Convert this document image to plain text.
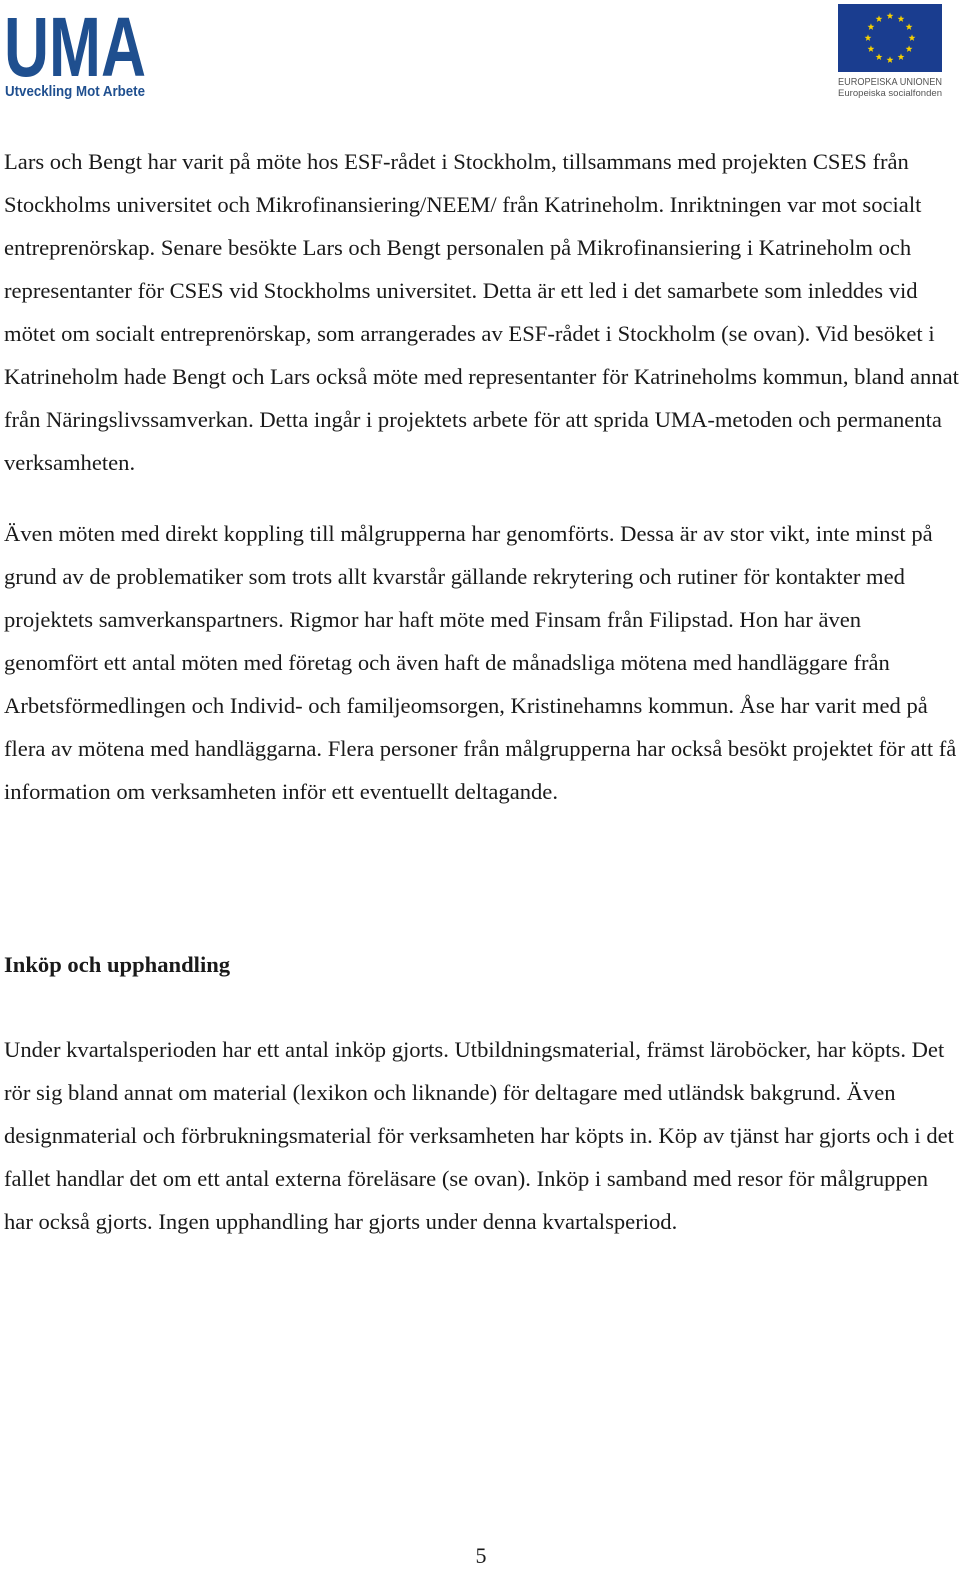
UMA
Utveckling Mot Arbete
EUROPEISKA UNIONEN
Europeiska socialfonden

Lars och Bengt har varit på möte hos ESF-rådet i Stockholm, tillsammans med projekten CSES från Stockholms universitet och Mikrofinansiering/NEEM/ från Katrineholm. Inriktningen var mot socialt entreprenörskap. Senare besökte Lars och Bengt personalen på Mikrofinansiering i Katrineholm och representanter för CSES vid Stockholms universitet. Detta är ett led i det samarbete som inleddes vid mötet om socialt entreprenörskap, som arrangerades av ESF-rådet i Stockholm (se ovan). Vid besöket i Katrineholm hade Bengt och Lars också möte med representanter för Katrineholms kommun, bland annat från Näringslivssamverkan. Detta ingår i projektets arbete för att sprida UMA-metoden och permanenta verksamheten.

Även möten med direkt koppling till målgrupperna har genomförts. Dessa är av stor vikt, inte minst på grund av de problematiker som trots allt kvarstår gällande rekrytering och rutiner för kontakter med projektets samverkanspartners. Rigmor har haft möte med Finsam från Filipstad. Hon har även genomfört ett antal möten med företag och även haft de månadsliga mötena med handläggare från Arbetsförmedlingen och Individ- och familjeomsorgen, Kristinehamns kommun. Åse har varit med på flera av mötena med handläggarna. Flera personer från målgrupperna har också besökt projektet för att få information om verksamheten inför ett eventuellt deltagande.

Inköp och upphandling

Under kvartalsperioden har ett antal inköp gjorts. Utbildningsmaterial, främst läroböcker, har köpts. Det rör sig bland annat om material (lexikon och liknande) för deltagare med utländsk bakgrund. Även designmaterial och förbrukningsmaterial för verksamheten har köpts in. Köp av tjänst har gjorts och i det fallet handlar det om ett antal externa föreläsare (se ovan). Inköp i samband med resor för målgruppen har också gjorts. Ingen upphandling har gjorts under denna kvartalsperiod.

5
